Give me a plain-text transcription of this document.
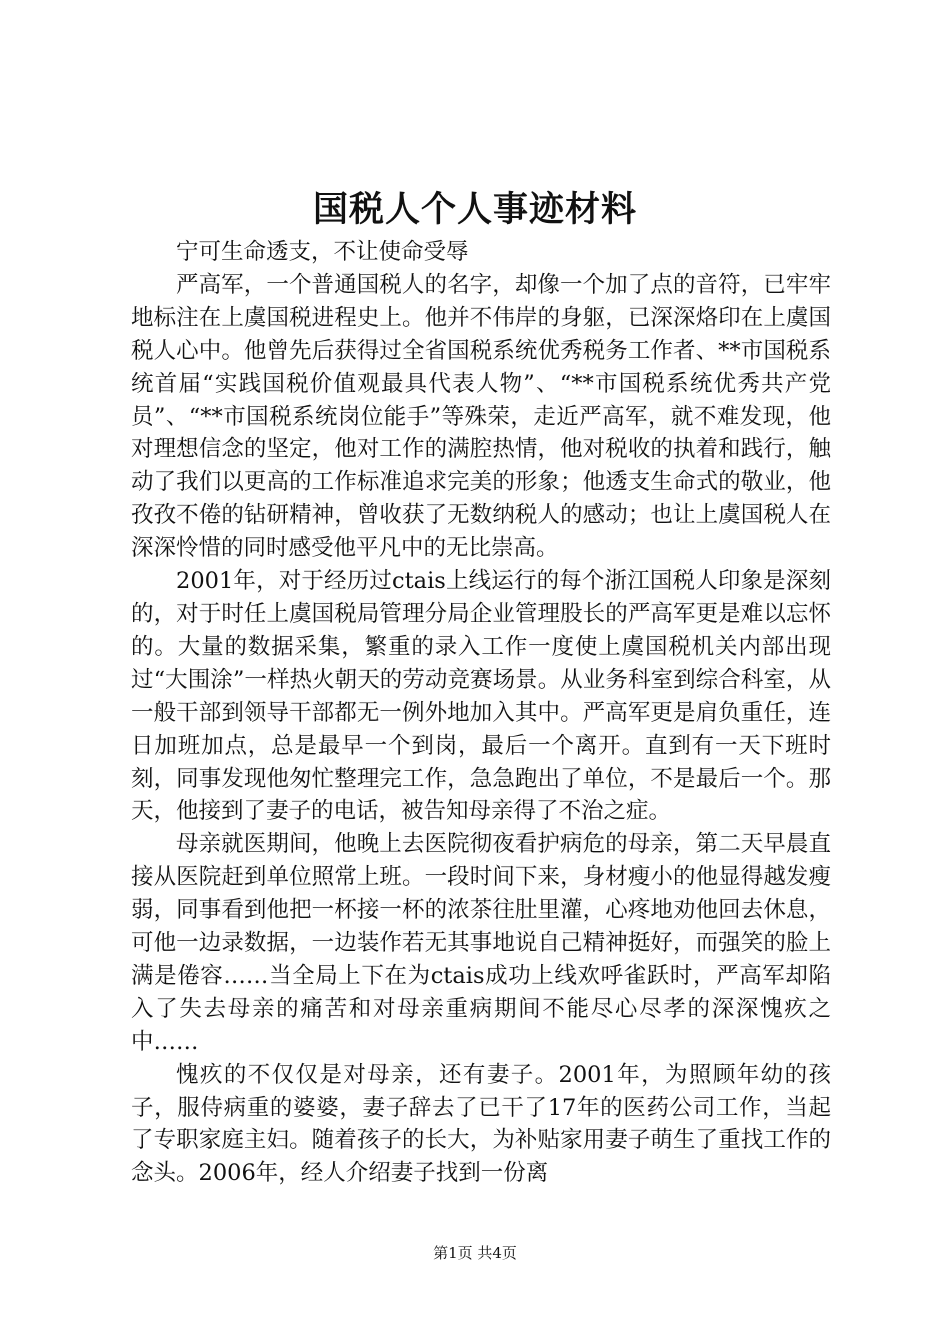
国税人个人事迹材料

宁可生命透支，不让使命受辱

严高军，一个普通国税人的名字，却像一个加了点的音符，已牢牢地标注在上虞国税进程史上。他并不伟岸的身躯，已深深烙印在上虞国税人心中。他曾先后获得过全省国税系统优秀税务工作者、**市国税系统首届“实践国税价值观最具代表人物”、“**市国税系统优秀共产党员”、“**市国税系统岗位能手”等殊荣，走近严高军，就不难发现，他对理想信念的坚定，他对工作的满腔热情，他对税收的执着和践行，触动了我们以更高的工作标准追求完美的形象；他透支生命式的敬业，他孜孜不倦的钻研精神，曾收获了无数纳税人的感动；也让上虞国税人在深深怜惜的同时感受他平凡中的无比崇高。

2001年，对于经历过ctais上线运行的每个浙江国税人印象是深刻的，对于时任上虞国税局管理分局企业管理股长的严高军更是难以忘怀的。大量的数据采集，繁重的录入工作一度使上虞国税机关内部出现过“大围涂”一样热火朝天的劳动竞赛场景。从业务科室到综合科室，从一般干部到领导干部都无一例外地加入其中。严高军更是肩负重任，连日加班加点，总是最早一个到岗，最后一个离开。直到有一天下班时刻，同事发现他匆忙整理完工作，急急跑出了单位，不是最后一个。那天，他接到了妻子的电话，被告知母亲得了不治之症。

母亲就医期间，他晚上去医院彻夜看护病危的母亲，第二天早晨直接从医院赶到单位照常上班。一段时间下来，身材瘦小的他显得越发瘦弱，同事看到他把一杯接一杯的浓茶往肚里灌，心疼地劝他回去休息，可他一边录数据，一边装作若无其事地说自己精神挺好，而强笑的脸上满是倦容……当全局上下在为ctais成功上线欢呼雀跃时，严高军却陷入了失去母亲的痛苦和对母亲重病期间不能尽心尽孝的深深愧疚之中……

愧疚的不仅仅是对母亲，还有妻子。2001年，为照顾年幼的孩子，服侍病重的婆婆，妻子辞去了已干了17年的医药公司工作，当起了专职家庭主妇。随着孩子的长大，为补贴家用妻子萌生了重找工作的念头。2006年，经人介绍妻子找到一份离

第1页 共4页
